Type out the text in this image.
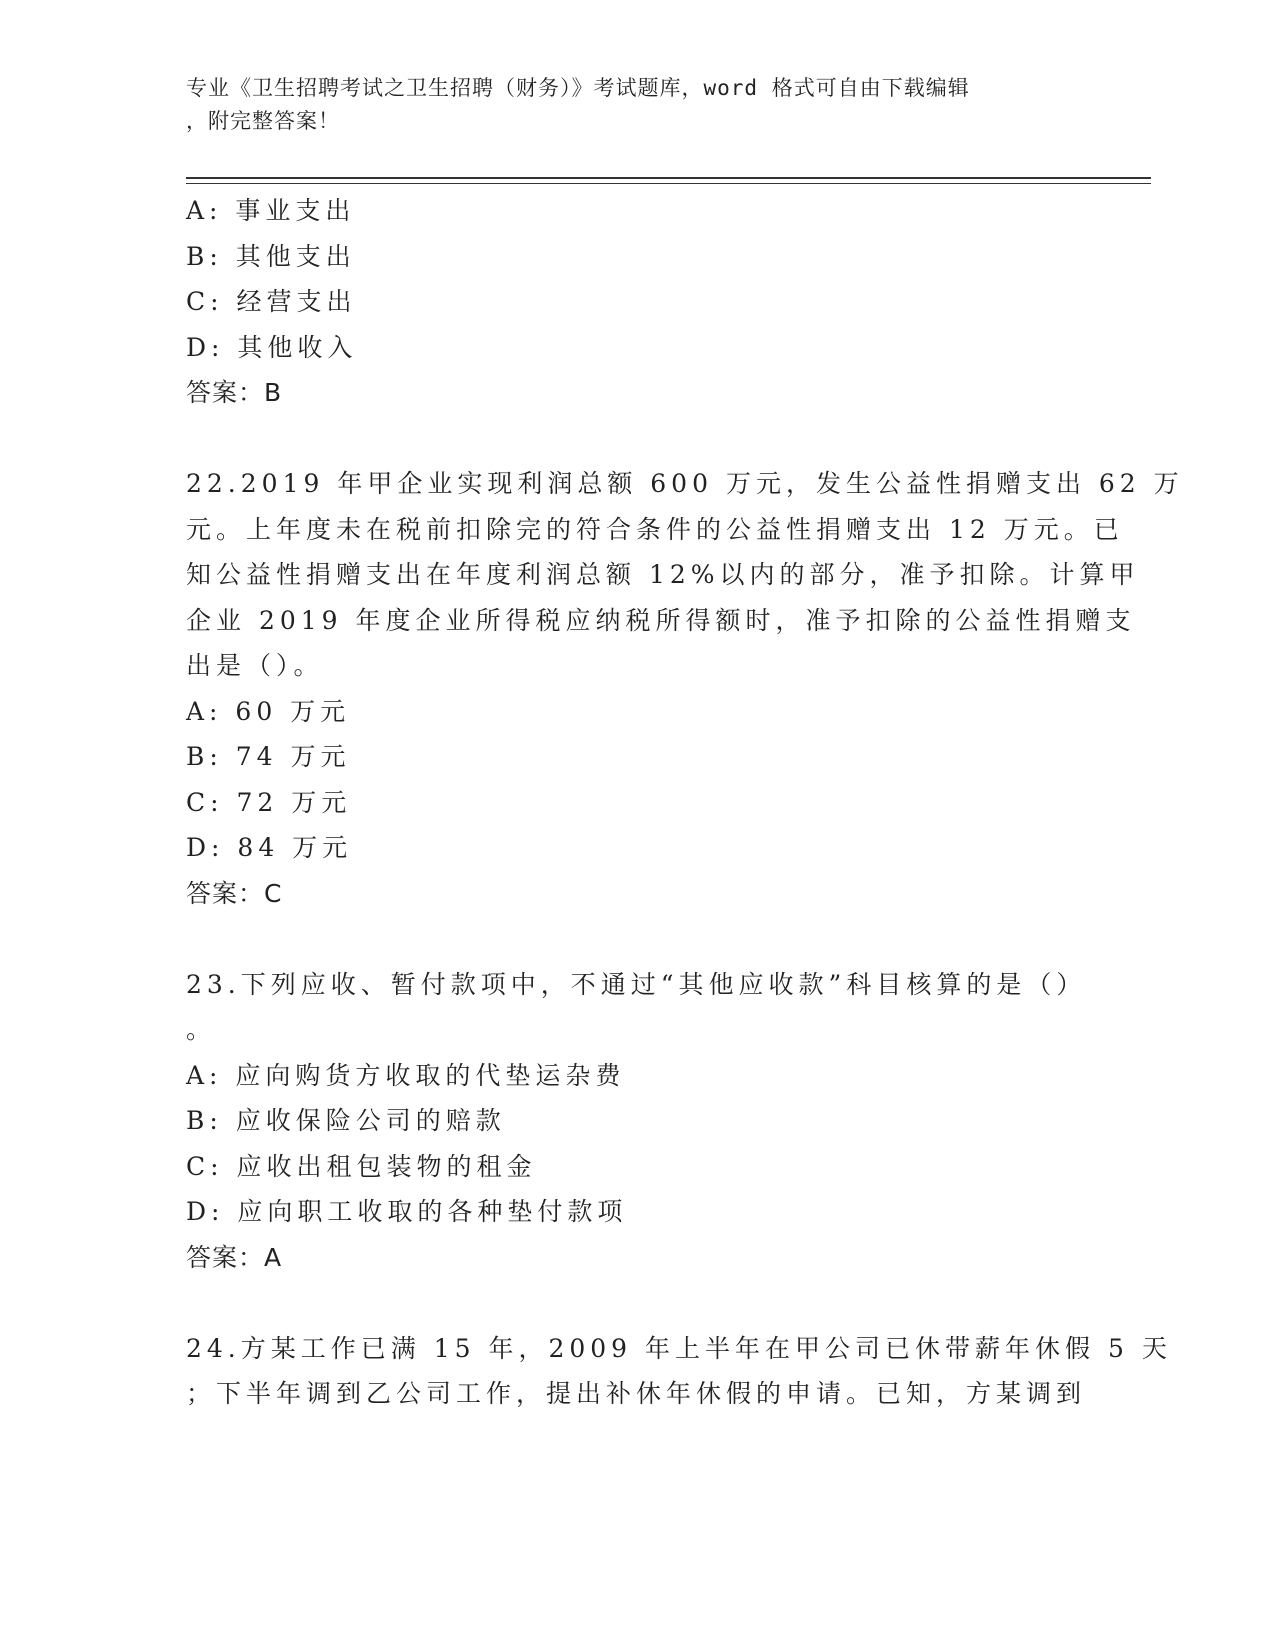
专业《卫生招聘考试之卫生招聘（财务）》考试题库，word 格式可自由下载编辑
，附完整答案！
A: 事业支出
B: 其他支出
C: 经营支出
D: 其他收入
答案：B
22.2019 年甲企业实现利润总额 600 万元，发生公益性捐赠支出 62 万
元。上年度未在税前扣除完的符合条件的公益性捐赠支出 12 万元。已
知公益性捐赠支出在年度利润总额 12%以内的部分，准予扣除。计算甲
企业 2019 年度企业所得税应纳税所得额时，准予扣除的公益性捐赠支
出是（）。
A: 60 万元
B: 74 万元
C: 72 万元
D: 84 万元
答案：C
23.下列应收、暂付款项中，不通过“其他应收款”科目核算的是（）
。
A: 应向购货方收取的代垫运杂费
B: 应收保险公司的赔款
C: 应收出租包装物的租金
D: 应向职工收取的各种垫付款项
答案：A
24.方某工作已满 15 年，2009 年上半年在甲公司已休带薪年休假 5 天
；下半年调到乙公司工作，提出补休年休假的申请。已知，方某调到
